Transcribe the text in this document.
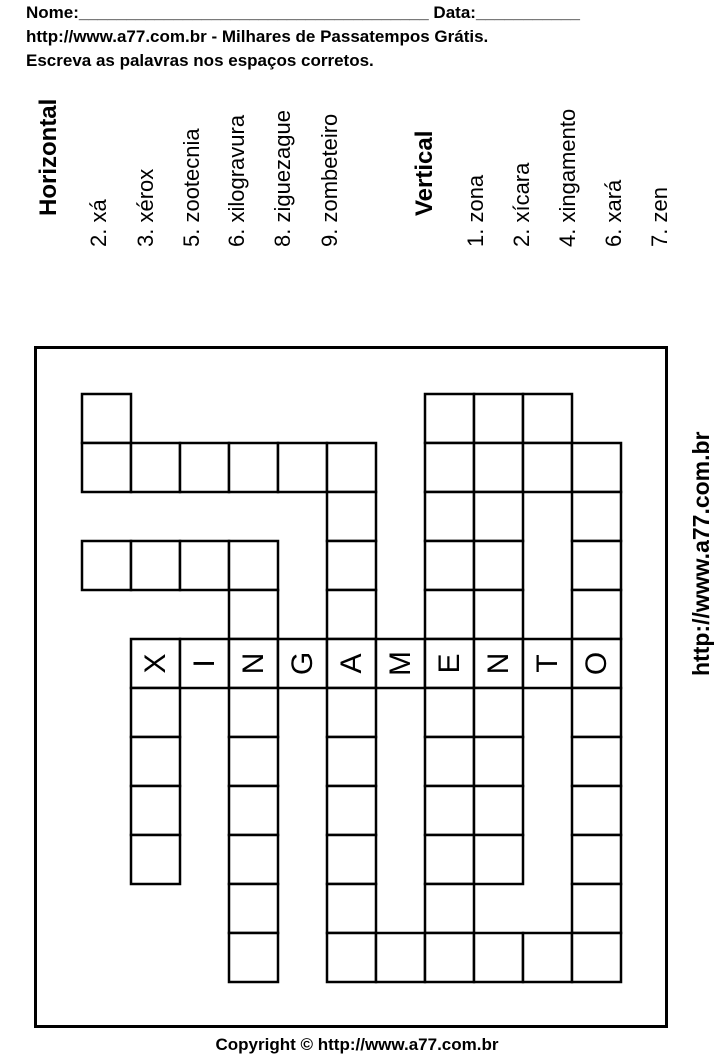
Nome:_____________________________________ Data:___________
http://www.a77.com.br - Milhares de Passatempos Grátis.
Escreva as palavras nos espaços corretos.
Horizontal
2. xá 3. xérox 5. zootecnia 6. xilogravura 8. ziguezague 9. zombeteiro	Vertical 1. zona 2. xícara 4. xingamento 6. xará 7. zen
X I N G A M E N T O	http://www.a77.com.br
Copyright © http://www.a77.com.br
